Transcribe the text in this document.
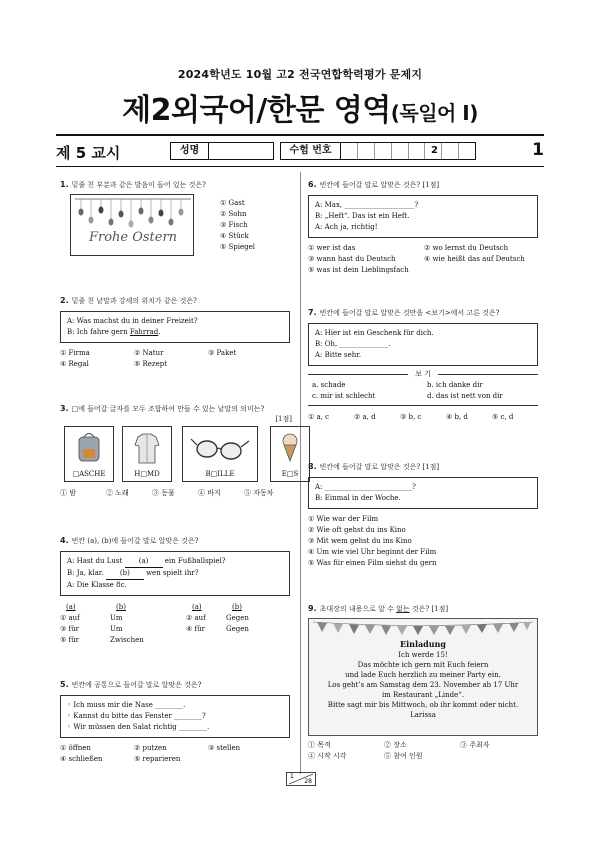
2024학년도 10월 고2 전국연합학력평가 문제지
제2외국어/한문 영역(독일어 Ⅰ)
제 5 교시	성명	수험 번호	2	1
1. 밑줄 친 부분과 같은 발음이 들어 있는 것은?
Frohe Ostern
① Gast
② Sohn
③ Fisch
④ Stück
⑤ Spiegel
2. 밑줄 친 낱말과 강세의 위치가 같은 것은?
A: Was machst du in deiner Freizeit?
B: Ich fahre gern Fahrrad.
① Firma	② Natur	③ Paket
④ Regal	⑤ Rezept
3. □에 들어갈 글자를 모두 조합하여 만들 수 있는 낱말의 의미는?
[1점]
□ASCHE	H□MD	B□ILLE	E□S
① 밤	② 노래	③ 동물	④ 바지	⑤ 자동차
4. 빈칸 (a), (b)에 들어갈 말로 알맞은 것은?
A: Hast du Lust (a) ein Fußballspiel?
B: Ja, klar. (b) wen spielt ihr?
A: Die Klasse 8c.
(a)	(b)	(a)	(b)
① auf	Um
③ für	Um
⑤ für	Zwischen
② auf	Gegen
④ für	Gegen
5. 빈칸에 공통으로 들어갈 말로 알맞은 것은?
◦ Ich muss mir die Nase ________.
◦ Kannst du bitte das Fenster ________?
◦ Wir müssen den Salat richtig ________.
① öffnen	② putzen	③ stellen
④ schließen	⑤ reparieren
6. 빈칸에 들어갈 말로 알맞은 것은? [1점]
A: Max, ____________________?
B: „Heft“. Das ist ein Heft.
A: Ach ja, richtig!
① wer ist das	② wo lernst du Deutsch
③ wann hast du Deutsch	④ wie heißt das auf Deutsch
⑤ was ist dein Lieblingsfach
7. 빈칸에 들어갈 말로 알맞은 것만을 <보기>에서 고른 것은?
A: Hier ist ein Geschenk für dich.
B: Oh, ______________.
A: Bitte sehr.
보 기
a. schade	b. ich danke dir
c. mir ist schlecht	d. das ist nett von dir
① a, c	② a, d	③ b, c	④ b, d	⑤ c, d
8. 빈칸에 들어갈 말로 알맞은 것은? [1점]
A: _________________________?
B: Einmal in der Woche.
① Wie war der Film
② Wie oft gehst du ins Kino
③ Mit wem gehst du ins Kino
④ Um wie viel Uhr beginnt der Film
⑤ Was für einen Film siehst du gern
9. 초대장의 내용으로 알 수 없는 것은? [1점]
Einladung
Ich werde 15!
Das möchte ich gern mit Euch feiern
und lade Euch herzlich zu meiner Party ein.
Los geht’s am Samstag dem 23. November ab 17 Uhr
im Restaurant „Linde“.
Bitte sagt mir bis Mittwoch, ob ihr kommt oder nicht.
Larissa
① 목적	② 장소	③ 주최자
④ 시작 시각	⑤ 참여 인원
1
28
